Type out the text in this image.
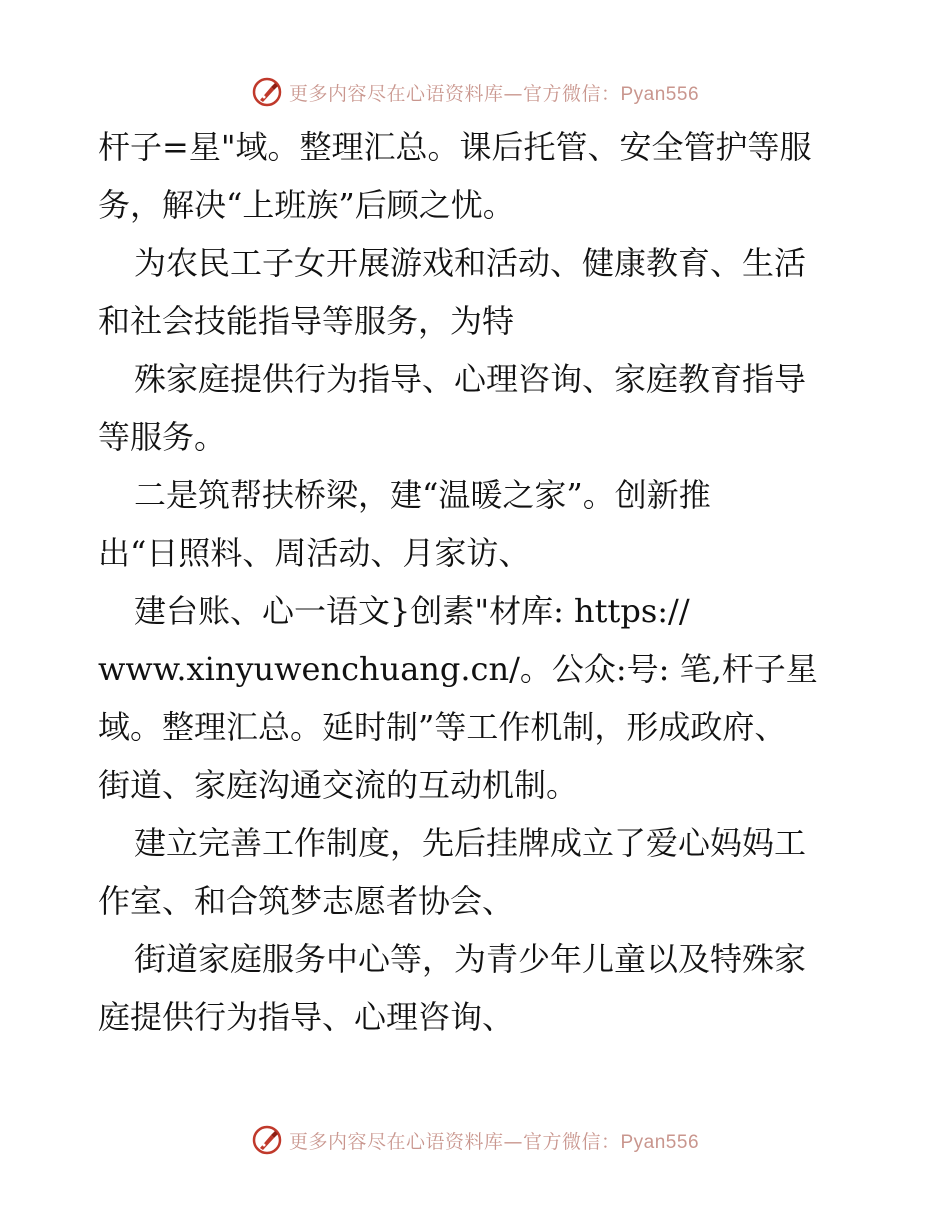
更多内容尽在心语资料库—官方微信：Pyan556
杆子=星"域。整理汇总。课后托管、安全管护等服
务，解决“上班族”后顾之忧。
为农民工子女开展游戏和活动、健康教育、生活
和社会技能指导等服务，为特
殊家庭提供行为指导、心理咨询、家庭教育指导
等服务。
二是筑帮扶桥梁，建“温暖之家”。创新推
出“日照料、周活动、月家访、
建台账、心一语文}创素"材库: https://
www.xinyuwenchuang.cn/。公众:号: 笔,杆子星
域。整理汇总。延时制”等工作机制，形成政府、
街道、家庭沟通交流的互动机制。
建立完善工作制度，先后挂牌成立了爱心妈妈工
作室、和合筑梦志愿者协会、
街道家庭服务中心等，为青少年儿童以及特殊家
庭提供行为指导、心理咨询、
更多内容尽在心语资料库—官方微信：Pyan556
